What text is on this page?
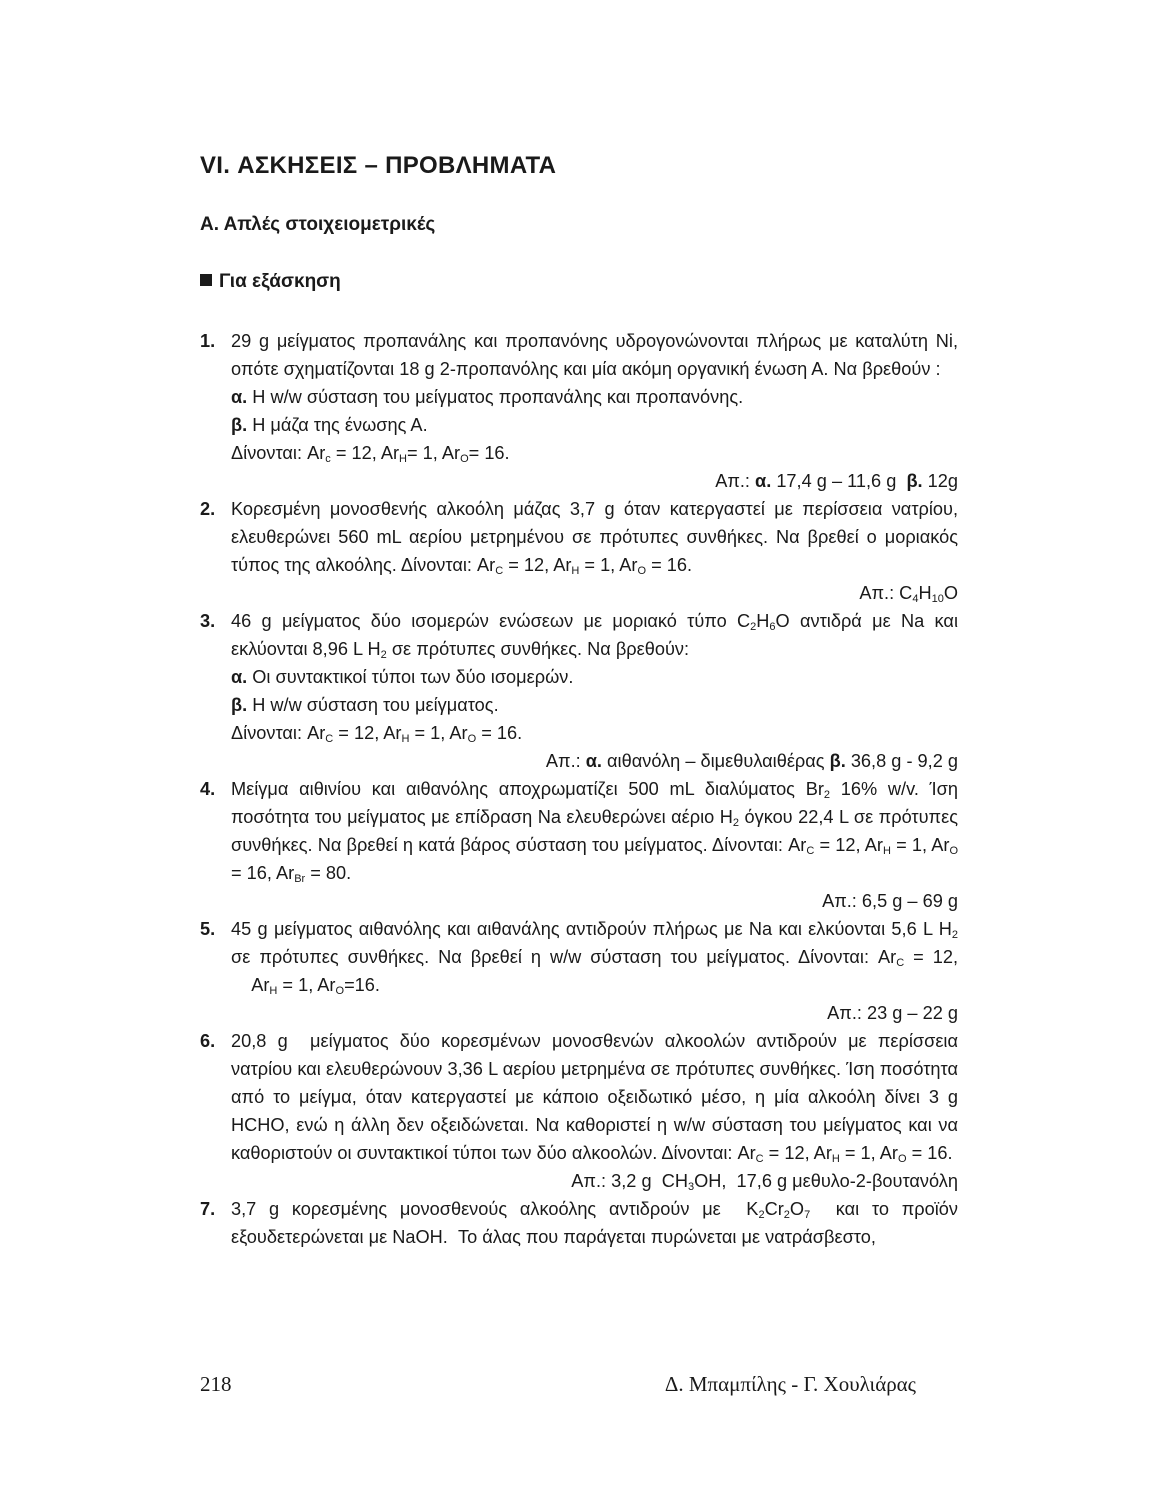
VI. ΑΣΚΗΣΕΙΣ – ΠΡΟΒΛΗΜΑΤΑ
Α. Απλές στοιχειομετρικές
Για εξάσκηση
1. 29 g μείγματος προπανάλης και προπανόνης υδρογονώνονται πλήρως με καταλύτη Ni, οπότε σχηματίζονται 18 g 2-προπανόλης και μία ακόμη οργανική ένωση Α. Να βρεθούν :
α. Η w/w σύσταση του μείγματος προπανάλης και προπανόνης.
β. Η μάζα της ένωσης Α.
Δίνονται: $Ar_c = 12$, $Ar_H= 1$, $Ar_O= 16$.
Απ.: α. 17,4 g – 11,6 g  β. 12g
2. Κορεσμένη μονοσθενής αλκοόλη μάζας 3,7 g όταν κατεργαστεί με περίσσεια νατρίου, ελευθερώνει 560 mL αερίου μετρημένου σε πρότυπες συνθήκες. Να βρεθεί ο μοριακός τύπος της αλκοόλης. Δίνονται: $Ar_C = 12$, $Ar_H = 1$, $Ar_O = 16$.
Απ.: $C_4H_{10}O$
3. 46 g μείγματος δύο ισομερών ενώσεων με μοριακό τύπο $C_2H_6O$ αντιδρά με Na και εκλύονται 8,96 L $H_2$ σε πρότυπες συνθήκες. Να βρεθούν:
α. Οι συντακτικοί τύποι των δύο ισομερών.
β. Η w/w σύσταση του μείγματος.
Δίνονται: $Ar_C = 12$, $Ar_H = 1$, $Ar_O = 16$.
Απ.: α. αιθανόλη – διμεθυλαιθέρας β. 36,8 g - 9,2 g
4. Μείγμα αιθινίου και αιθανόλης αποχρωματίζει 500 mL διαλύματος $Br_2$ 16% w/v. Ίση ποσότητα του μείγματος με επίδραση Na ελευθερώνει αέριο $H_2$ όγκου 22,4 L σε πρότυπες συνθήκες. Να βρεθεί η κατά βάρος σύσταση του μείγματος. Δίνονται: $Ar_C = 12$, $Ar_H = 1$, $Ar_O = 16$, $Ar_{Br} = 80$.
Απ.: 6,5 g – 69 g
5. 45 g μείγματος αιθανόλης και αιθανάλης αντιδρούν πλήρως με Na και ελκύονται 5,6 L $H_2$ σε πρότυπες συνθήκες. Να βρεθεί η w/w σύσταση του μείγματος. Δίνονται: $Ar_C = 12$,     $Ar_H = 1$, $Ar_O=16$.
Απ.: 23 g – 22 g
6. 20,8 g  μείγματος δύο κορεσμένων μονοσθενών αλκοολών αντιδρούν με περίσσεια νατρίου και ελευθερώνουν 3,36 L αερίου μετρημένα σε πρότυπες συνθήκες. Ίση ποσότητα από το μείγμα, όταν κατεργαστεί με κάποιο οξειδωτικό μέσο, η μία αλκοόλη δίνει 3 g HCHO, ενώ η άλλη δεν οξειδώνεται. Να καθοριστεί η w/w σύσταση του μείγματος και να καθοριστούν οι συντακτικοί τύποι των δύο αλκοολών. Δίνονται: $Ar_C = 12$, $Ar_H = 1$, $Ar_O = 16$.
Απ.: 3,2 g  $CH_3OH$,  17,6 g μεθυλο-2-βουτανόλη
7. 3,7 g κορεσμένης μονοσθενούς αλκοόλης αντιδρούν με  $K_2Cr_2O_7$  και το προϊόν εξουδετερώνεται με NaOH.  Το άλας που παράγεται πυρώνεται με νατράσβεστο,
218	Δ. Μπαμπίλης - Γ. Χουλιάρας
